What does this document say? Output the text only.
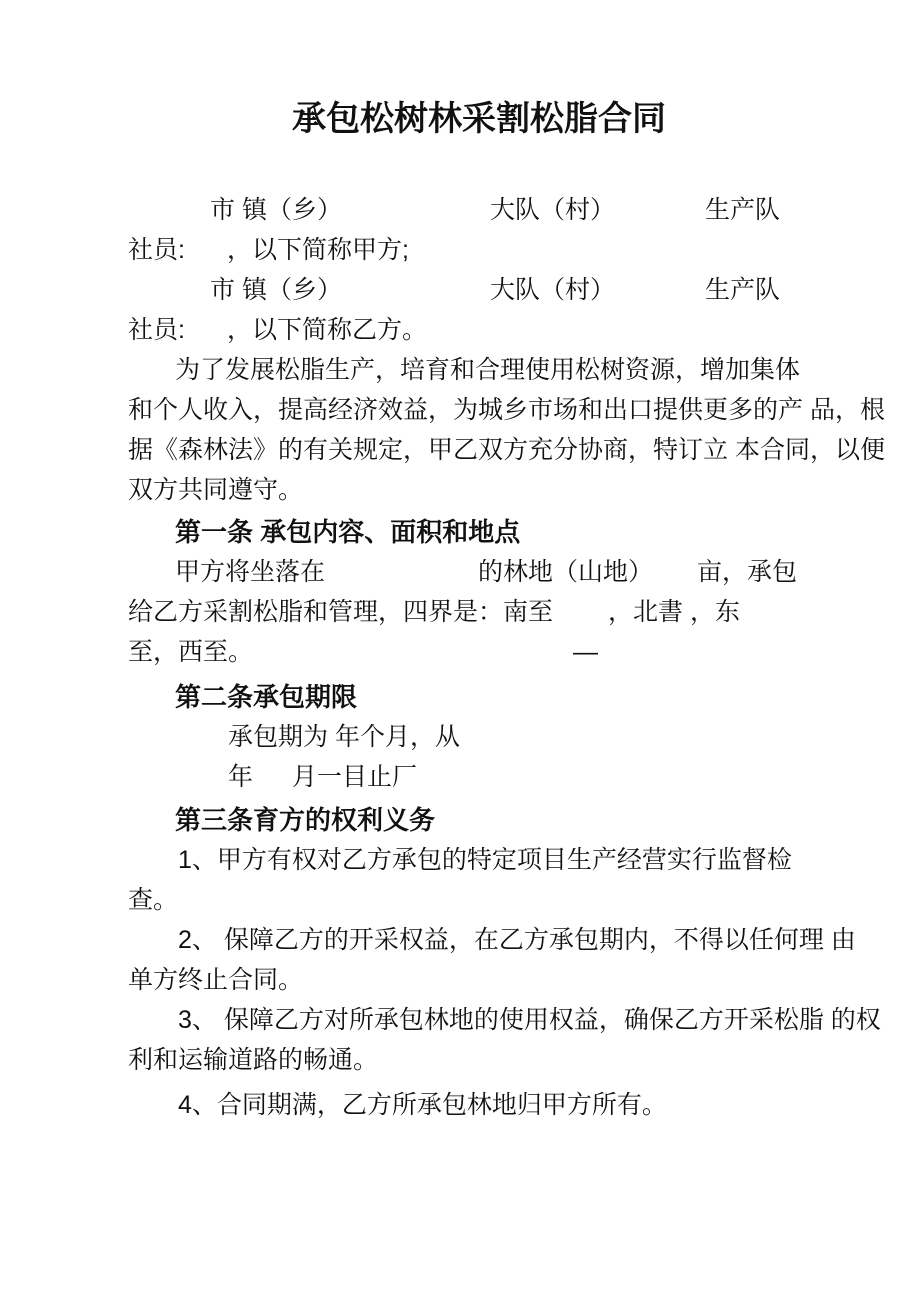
承包松树林采割松脂合同
市 镇（乡）	大队（村）	生产队
社员: ，以下简称甲方;
市 镇（乡）	大队（村）	生产队
社员: ，以下简称乙方。
为了发展松脂生产，培育和合理使用松树资源，增加集体
和个人收入，提高经济效益，为城乡市场和出口提供更多的产 品，根
据《森林法》的有关规定，甲乙双方充分协商，特订立 本合同，以便
双方共同遵守。
第一条 承包内容、面积和地点
甲方将坐落在	的林地（山地） 亩，承包
给乙方采割松脂和管理，四界是：南至 ，北書 ，东
至，西至。	—
第二条承包期限
承包期为 年个月，从
年 月一目止厂
第三条育方的权利义务
1、甲方有权对乙方承包的特定项目生产经营实行监督检
查。
2、 保障乙方的开采权益，在乙方承包期内，不得以任何理 由
单方终止合同。
3、 保障乙方对所承包林地的使用权益，确保乙方开采松脂 的权
利和运输道路的畅通。
4、合同期满，乙方所承包林地归甲方所有。
